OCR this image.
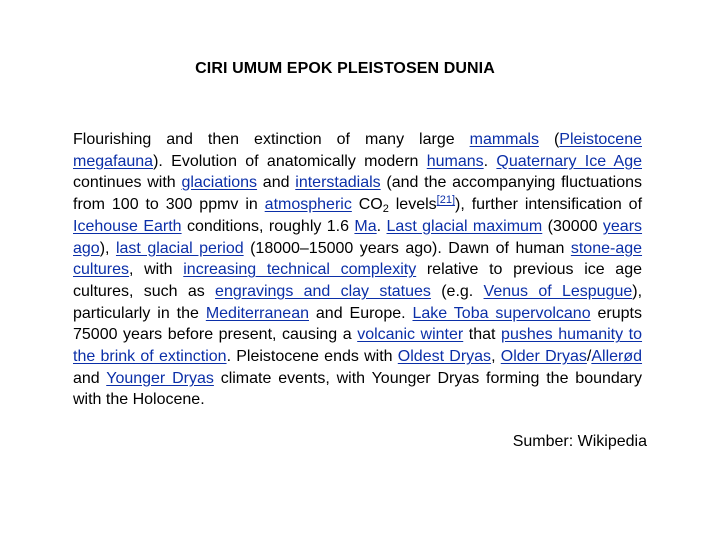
CIRI UMUM EPOK PLEISTOSEN DUNIA
Flourishing and then extinction of many large mammals (Pleistocene megafauna). Evolution of anatomically modern humans. Quaternary Ice Age continues with glaciations and interstadials (and the accompanying fluctuations from 100 to 300 ppmv in atmospheric $CO_2$ levels[21]), further intensification of Icehouse Earth conditions, roughly 1.6 Ma. Last glacial maximum (30000 years ago), last glacial period (18000–15000 years ago). Dawn of human stone-age cultures, with increasing technical complexity relative to previous ice age cultures, such as engravings and clay statues (e.g. Venus of Lespugue), particularly in the Mediterranean and Europe. Lake Toba supervolcano erupts 75000 years before present, causing a volcanic winter that pushes humanity to the brink of extinction. Pleistocene ends with Oldest Dryas, Older Dryas/Allerød and Younger Dryas climate events, with Younger Dryas forming the boundary with the Holocene.
Sumber: Wikipedia
